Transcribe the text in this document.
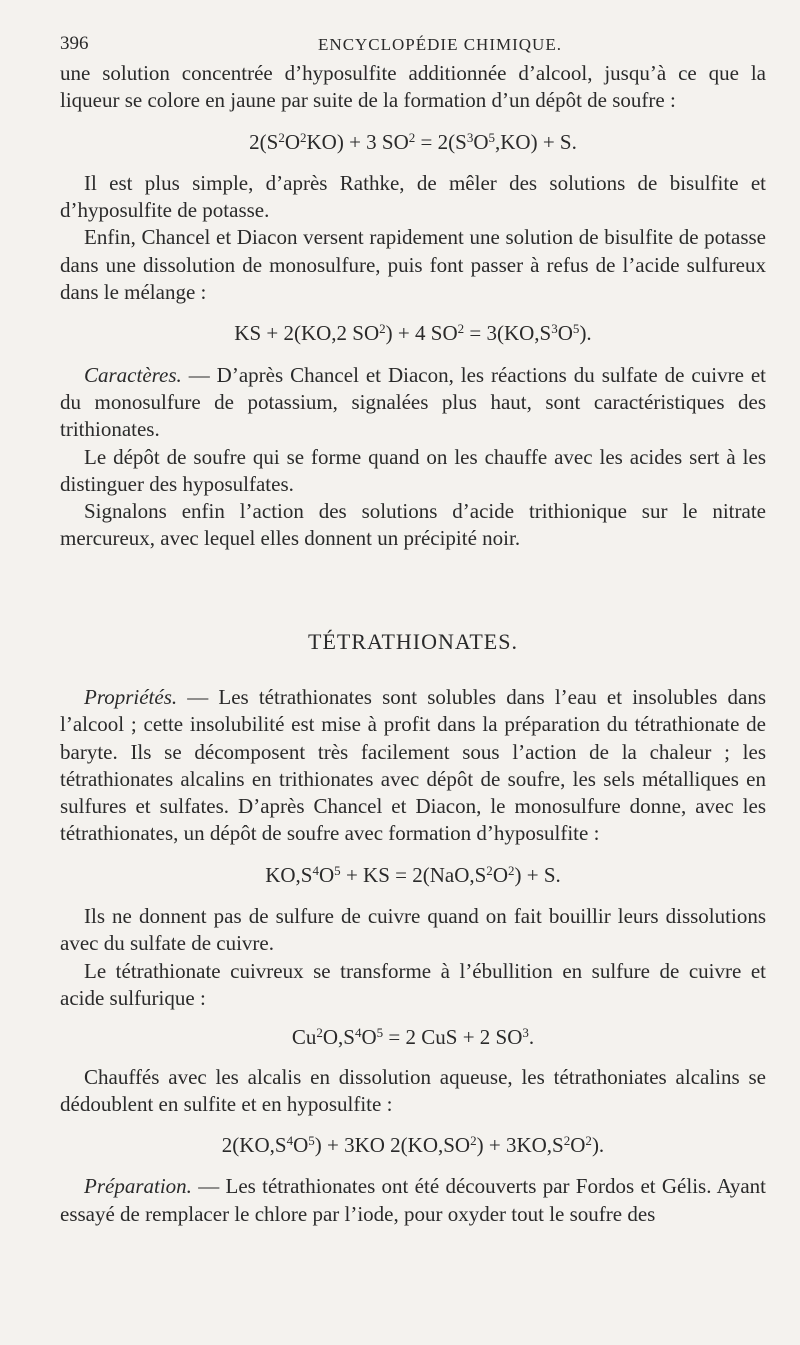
396	ENCYCLOPÉDIE CHIMIQUE.

une solution concentrée d’hyposulfite additionnée d’alcool, jusqu’à ce que la liqueur se colore en jaune par suite de la formation d’un dépôt de soufre :

$2(S^2O^2KO) + 3$ $SO^2 = 2(S^3O^5,KO) + S$.

Il est plus simple, d’après Rathke, de mêler des solutions de bisulfite et d’hyposulfite de potasse.

Enfin, Chancel et Diacon versent rapidement une solution de bisulfite de potasse dans une dissolution de monosulfure, puis font passer à refus de l’acide sulfureux dans le mélange :

KS + 2(KO,2 $SO^2) + 4$ $SO^2 = 3(KO,S^3O^5)$.

Caractères. — D’après Chancel et Diacon, les réactions du sulfate de cuivre et du monosulfure de potassium, signalées plus haut, sont caractéristiques des trithionates.

Le dépôt de soufre qui se forme quand on les chauffe avec les acides sert à les distinguer des hyposulfates.

Signalons enfin l’action des solutions d’acide trithionique sur le nitrate mercureux, avec lequel elles donnent un précipité noir.

TÉTRATHIONATES.

Propriétés. — Les tétrathionates sont solubles dans l’eau et insolubles dans l’alcool ; cette insolubilité est mise à profit dans la préparation du tétrathionate de baryte. Ils se décomposent très facilement sous l’action de la chaleur ; les tétrathionates alcalins en trithionates avec dépôt de soufre, les sels métalliques en sulfures et sulfates. D’après Chancel et Diacon, le monosulfure donne, avec les tétrathionates, un dépôt de soufre avec formation d’hyposulfite :

$KO,S^4O^5$ + KS = $2(NaO,S^2O^2) + S$.

Ils ne donnent pas de sulfure de cuivre quand on fait bouillir leurs dissolutions avec du sulfate de cuivre.

Le tétrathionate cuivreux se transforme à l’ébullition en sulfure de cuivre et acide sulfurique :

$Cu^2O,S^4O^5 = 2$ CuS + 2 $SO^3$.

Chauffés avec les alcalis en dissolution aqueuse, les tétrathoniates alcalins se dédoublent en sulfite et en hyposulfite :

$2(KO,S^4O^5) + 3KO$ $2(KO,SO^2) + 3KO,S^2O^2$).

Préparation. — Les tétrathionates ont été découverts par Fordos et Gélis. Ayant essayé de remplacer le chlore par l’iode, pour oxyder tout le soufre des
